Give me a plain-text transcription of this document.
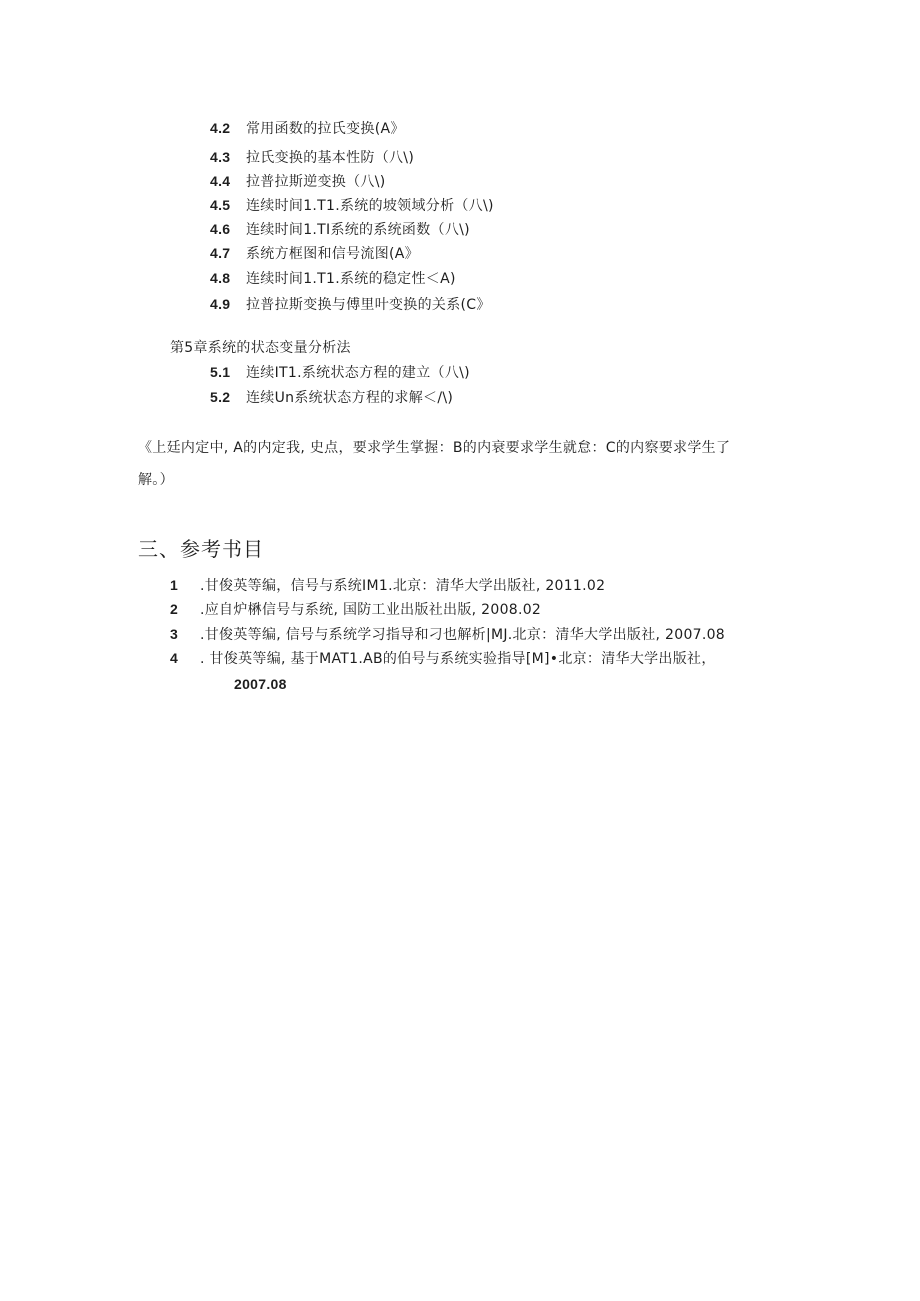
4.2 常用函数的拉氏变换(A》
4.3 拉氏变换的基本性防（八\)
4.4 拉普拉斯逆变换（八\)
4.5 连续时间1.T1.系统的坡领域分析（八\)
4.6 连续时间1.TI系统的系统函数（八\)
4.7 系统方框图和信号流图(A》
4.8 连续时间1.T1.系统的稳定性＜A)
4.9 拉普拉斯变换与傅里叶变换的关系(C》
第5章系统的状态变量分析法
5.1 连续IT1.系统状态方程的建立（八\)
5.2 连续Un系统状态方程的求解＜/\)
《上廷内定中, A的内定我, 史点，要求学生掌握：B的内衰要求学生就怠：C的内察要求学生了
解。）
三、参考书目
1 .甘俊英等编，信号与系统IM1.北京：清华大学出版社, 2011.02
2 .应自炉楙信号与系统, 国防工业出版社出版, 2008.02
3 .甘俊英等编, 信号与系统学习指导和刁也解析|MJ.北京：清华大学出版社, 2007.08
4 . 甘俊英等编, 基于MAT1.AB的伯号与系统实验指导[M]•北京：清华大学出版社，
2007.08
